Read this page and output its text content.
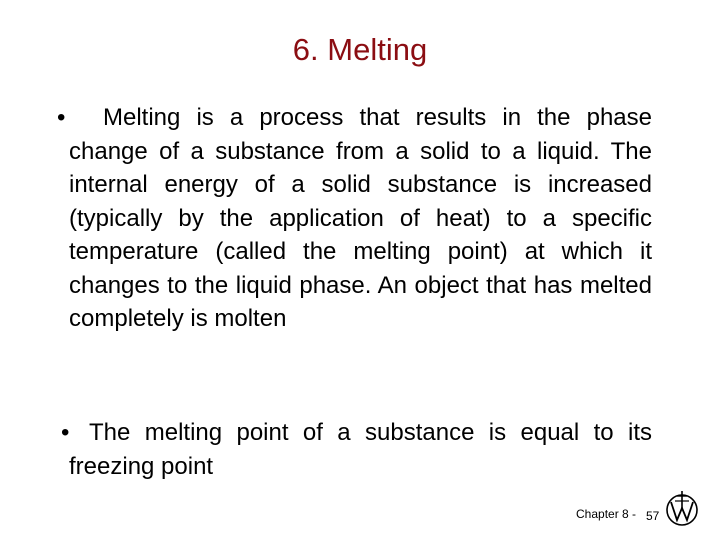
6. Melting
• Melting is a process that results in the phase change of a substance from a solid to a liquid. The internal energy of a solid substance is increased (typically by the application of heat) to a specific temperature (called the melting point) at which it changes to the liquid phase. An object that has melted completely is molten
• The melting point of a substance is equal to its freezing point
Chapter 8 - 57
